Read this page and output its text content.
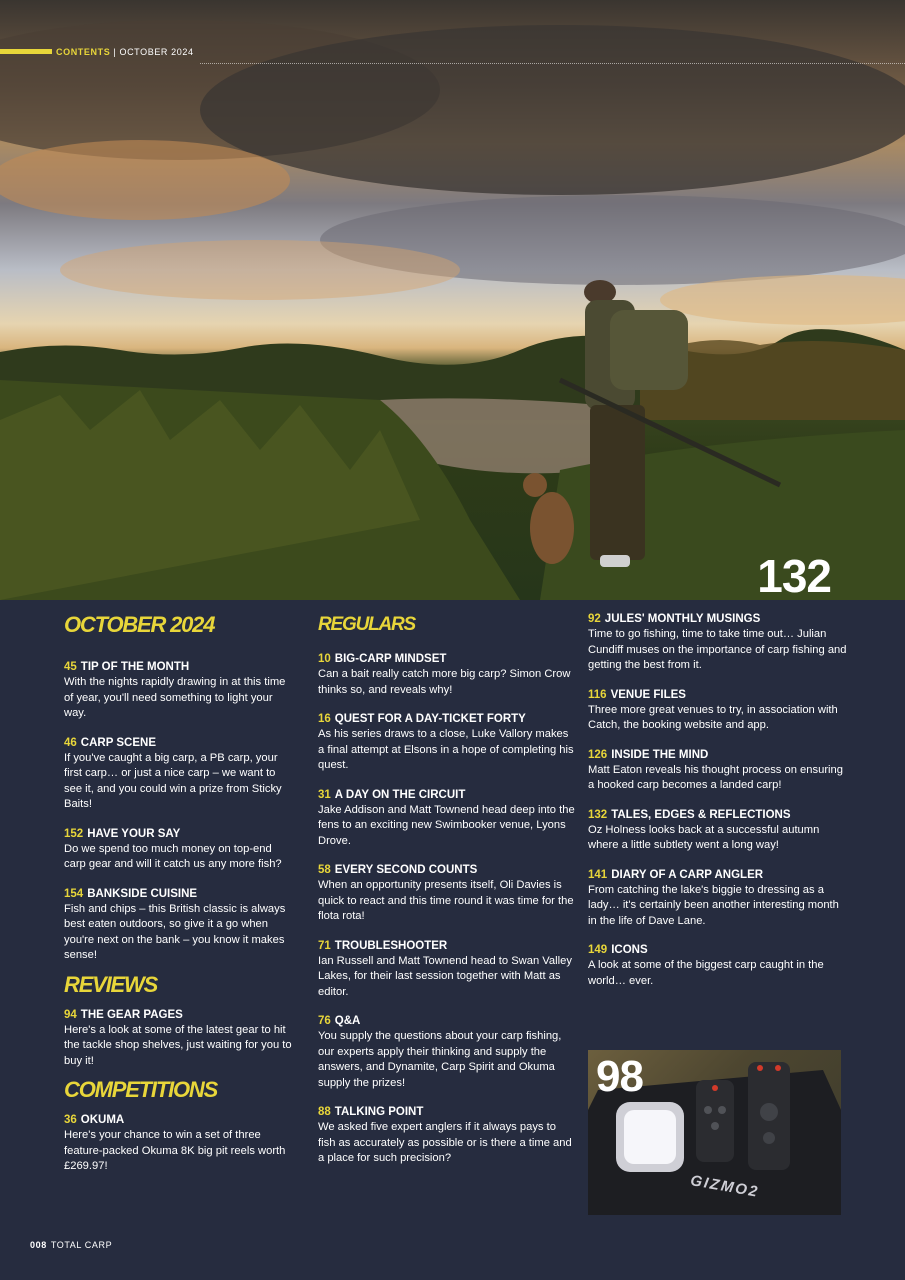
CONTENTS | OCTOBER 2024
132
OCTOBER 2024
45 TIP OF THE MONTH
With the nights rapidly drawing in at this time of year, you'll need something to light your way.
46 CARP SCENE
If you've caught a big carp, a PB carp, your first carp… or just a nice carp – we want to see it, and you could win a prize from Sticky Baits!
152 HAVE YOUR SAY
Do we spend too much money on top-end carp gear and will it catch us any more fish?
154 BANKSIDE CUISINE
Fish and chips – this British classic is always best eaten outdoors, so give it a go when you're next on the bank – you know it makes sense!
REVIEWS
94 THE GEAR PAGES
Here's a look at some of the latest gear to hit the tackle shop shelves, just waiting for you to buy it!
COMPETITIONS
36 OKUMA
Here's your chance to win a set of three feature-packed Okuma 8K big pit reels worth £269.97!
REGULARS
10 BIG-CARP MINDSET
Can a bait really catch more big carp? Simon Crow thinks so, and reveals why!
16 QUEST FOR A DAY-TICKET FORTY
As his series draws to a close, Luke Vallory makes a final attempt at Elsons in a hope of completing his quest.
31 A DAY ON THE CIRCUIT
Jake Addison and Matt Townend head deep into the fens to an exciting new Swimbooker venue, Lyons Drove.
58 EVERY SECOND COUNTS
When an opportunity presents itself, Oli Davies is quick to react and this time round it was time for the flota rota!
71 TROUBLESHOOTER
Ian Russell and Matt Townend head to Swan Valley Lakes, for their last session together with Matt as editor.
76 Q&A
You supply the questions about your carp fishing, our experts apply their thinking and supply the answers, and Dynamite, Carp Spirit and Okuma supply the prizes!
88 TALKING POINT
We asked five expert anglers if it always pays to fish as accurately as possible or is there a time and a place for such precision?
92 JULES' MONTHLY MUSINGS
Time to go fishing, time to take time out… Julian Cundiff muses on the importance of carp fishing and getting the best from it.
116 VENUE FILES
Three more great venues to try, in association with Catch, the booking website and app.
126 INSIDE THE MIND
Matt Eaton reveals his thought process on ensuring a hooked carp becomes a landed carp!
132 TALES, EDGES & REFLECTIONS
Oz Holness looks back at a successful autumn where a little subtlety went a long way!
141 DIARY OF A CARP ANGLER
From catching the lake's biggie to dressing as a lady… it's certainly been another interesting month in the life of Dave Lane.
149 ICONS
A look at some of the biggest carp caught in the world… ever.
98
GIZMO2
008 TOTAL CARP
